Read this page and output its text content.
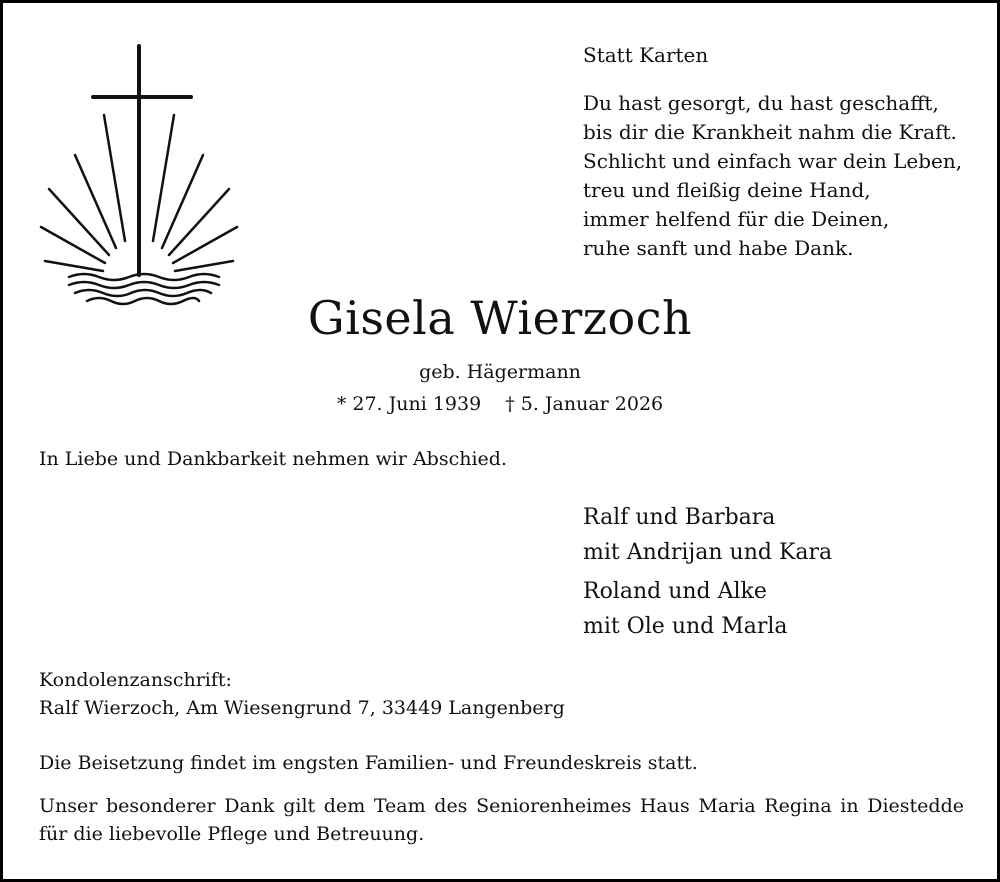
Statt Karten
Du hast gesorgt, du hast geschafft,
bis dir die Krankheit nahm die Kraft.
Schlicht und einfach war dein Leben,
treu und fleißig deine Hand,
immer helfend für die Deinen,
ruhe sanft und habe Dank.
Gisela Wierzoch
geb. Hägermann
* 27. Juni 1939 † 5. Januar 2026
In Liebe und Dankbarkeit nehmen wir Abschied.
Ralf und Barbara
mit Andrijan und Kara
Roland und Alke
mit Ole und Marla
Kondolenzanschrift:
Ralf Wierzoch, Am Wiesengrund 7, 33449 Langenberg
Die Beisetzung findet im engsten Familien- und Freundeskreis statt.
Unser besonderer Dank gilt dem Team des Seniorenheimes Haus Maria Regina in Diestedde für die liebevolle Pflege und Betreuung.
